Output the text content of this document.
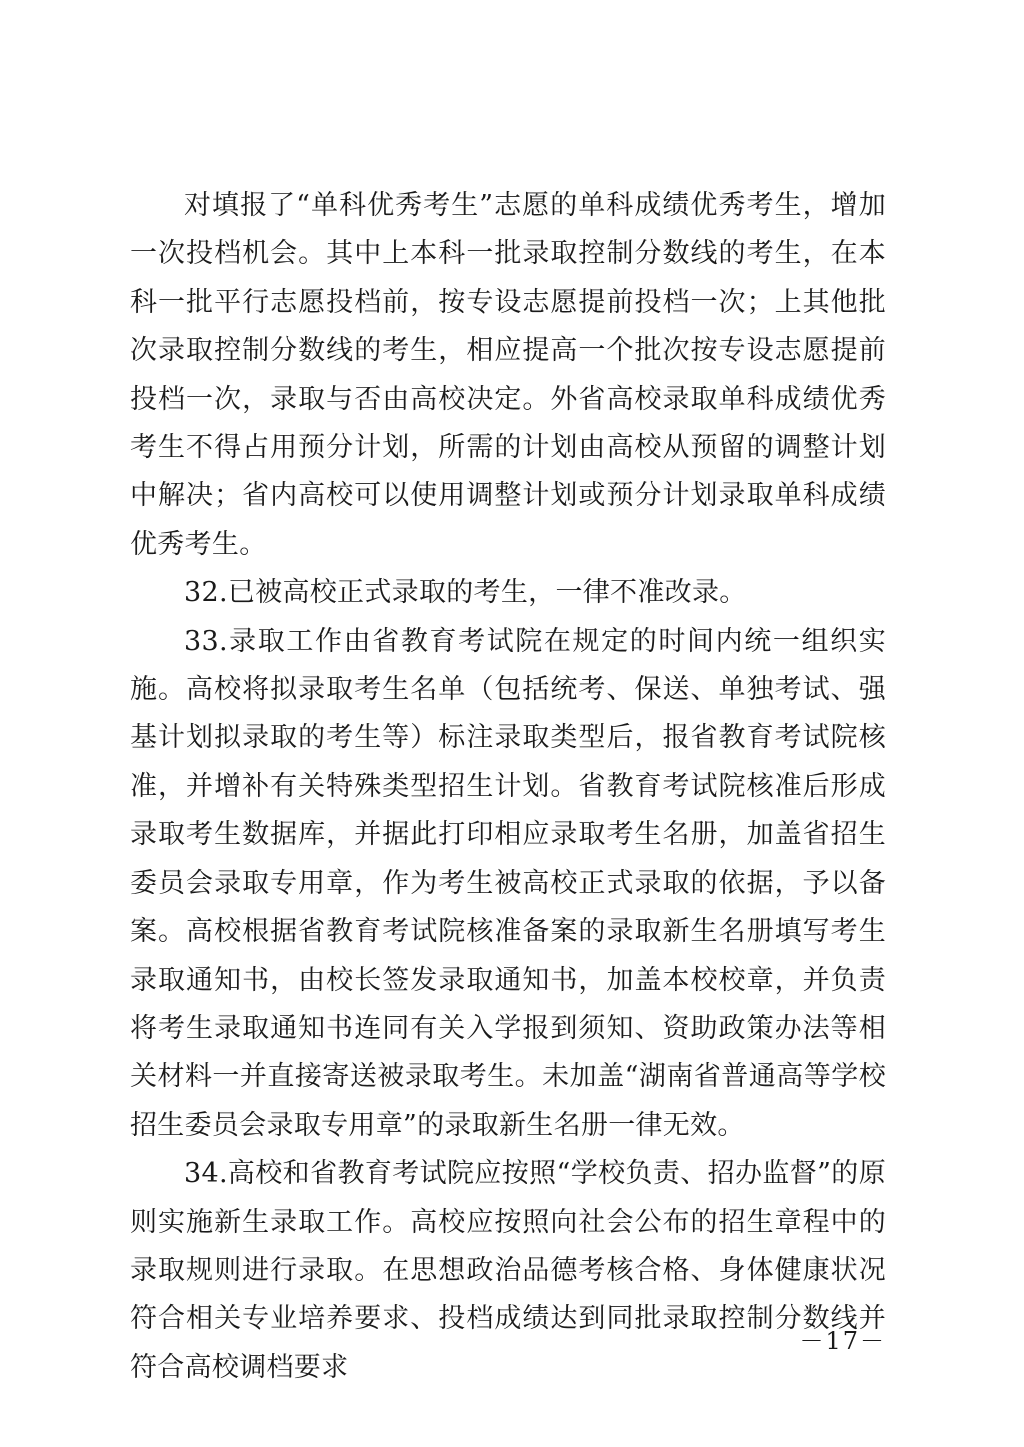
对填报了“单科优秀考生”志愿的单科成绩优秀考生，增加一次投档机会。其中上本科一批录取控制分数线的考生，在本科一批平行志愿投档前，按专设志愿提前投档一次；上其他批次录取控制分数线的考生，相应提高一个批次按专设志愿提前投档一次，录取与否由高校决定。外省高校录取单科成绩优秀考生不得占用预分计划，所需的计划由高校从预留的调整计划中解决；省内高校可以使用调整计划或预分计划录取单科成绩优秀考生。

32.已被高校正式录取的考生，一律不准改录。

33.录取工作由省教育考试院在规定的时间内统一组织实施。高校将拟录取考生名单（包括统考、保送、单独考试、强基计划拟录取的考生等）标注录取类型后，报省教育考试院核准，并增补有关特殊类型招生计划。省教育考试院核准后形成录取考生数据库，并据此打印相应录取考生名册，加盖省招生委员会录取专用章，作为考生被高校正式录取的依据，予以备案。高校根据省教育考试院核准备案的录取新生名册填写考生录取通知书，由校长签发录取通知书，加盖本校校章，并负责将考生录取通知书连同有关入学报到须知、资助政策办法等相关材料一并直接寄送被录取考生。未加盖“湖南省普通高等学校招生委员会录取专用章”的录取新生名册一律无效。

34.高校和省教育考试院应按照“学校负责、招办监督”的原则实施新生录取工作。高校应按照向社会公布的招生章程中的录取规则进行录取。在思想政治品德考核合格、身体健康状况符合相关专业培养要求、投档成绩达到同批录取控制分数线并符合高校调档要求

－17－
